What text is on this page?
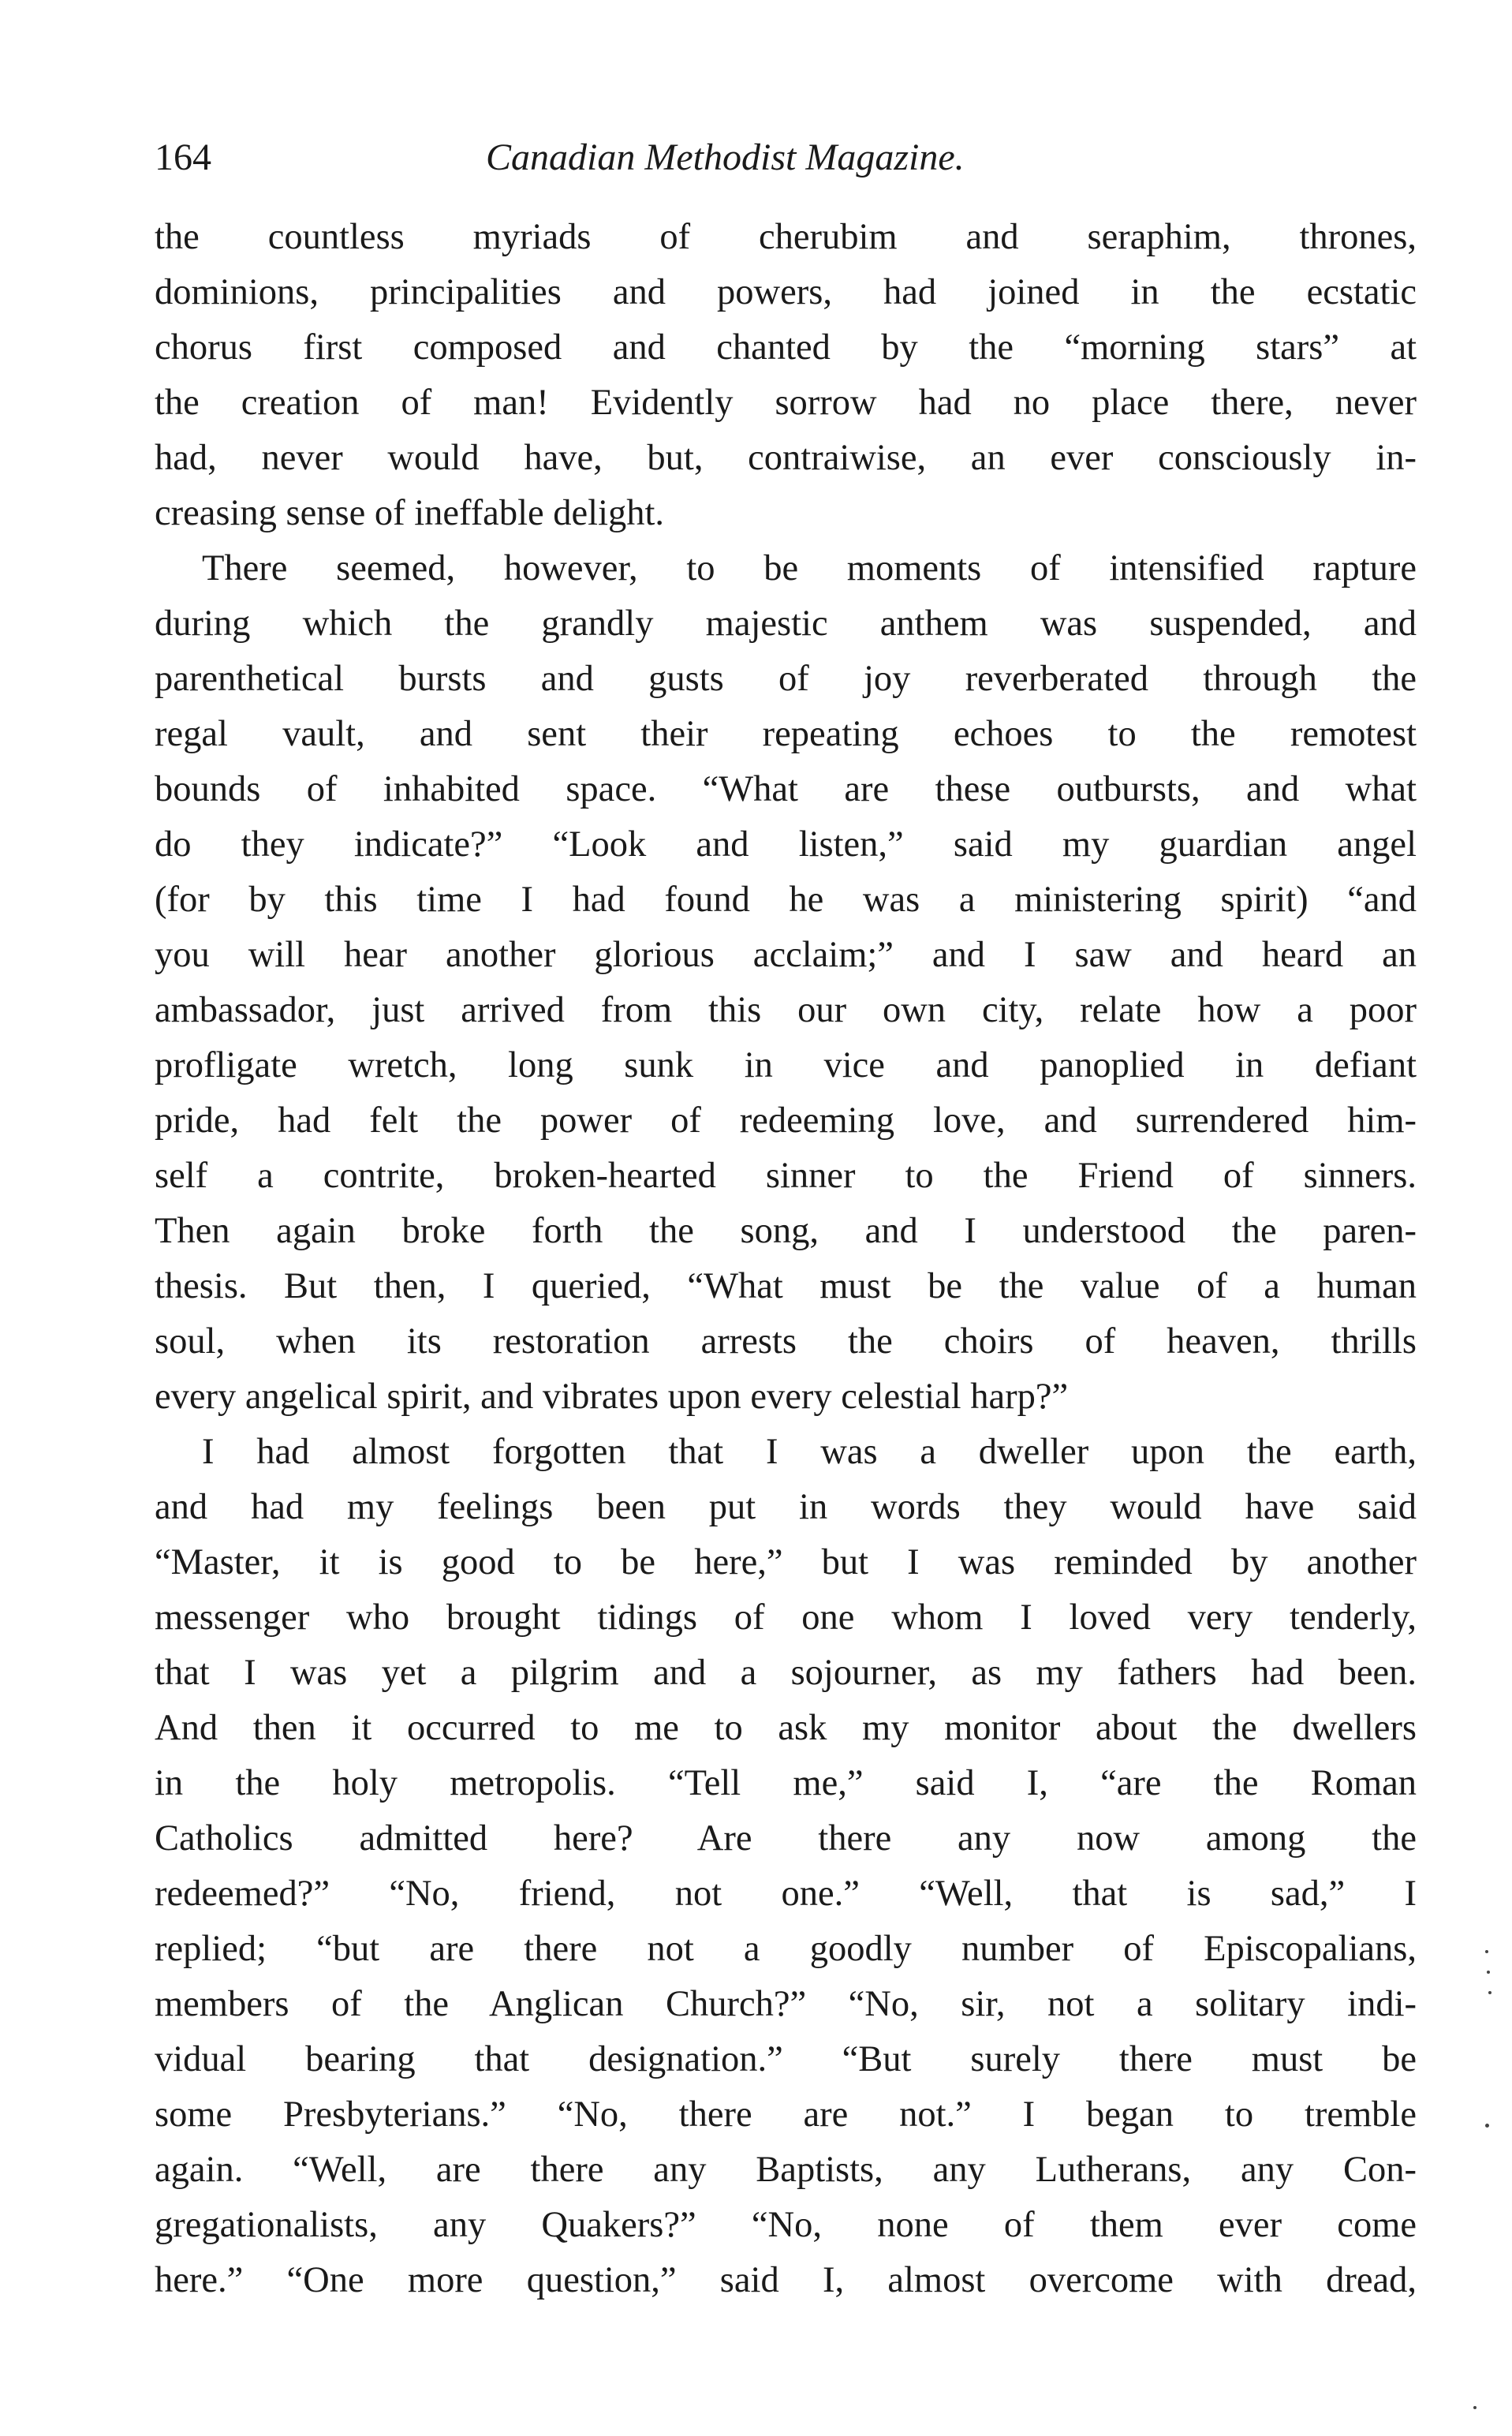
164	Canadian Methodist Magazine.
the countless myriads of cherubim and seraphim, thrones,
dominions, principalities and powers, had joined in the ecstatic
chorus first composed and chanted by the “morning stars” at
the creation of man! Evidently sorrow had no place there, never
had, never would have, but, contraiwise, an ever consciously in-
creasing sense of ineffable delight.
There seemed, however, to be moments of intensified rapture
during which the grandly majestic anthem was suspended, and
parenthetical bursts and gusts of joy reverberated through the
regal vault, and sent their repeating echoes to the remotest
bounds of inhabited space. “What are these outbursts, and what
do they indicate?” “Look and listen,” said my guardian angel
(for by this time I had found he was a ministering spirit) “and
you will hear another glorious acclaim;” and I saw and heard an
ambassador, just arrived from this our own city, relate how a poor
profligate wretch, long sunk in vice and panoplied in defiant
pride, had felt the power of redeeming love, and surrendered him-
self a contrite, broken-hearted sinner to the Friend of sinners.
Then again broke forth the song, and I understood the paren-
thesis. But then, I queried, “What must be the value of a human
soul, when its restoration arrests the choirs of heaven, thrills
every angelical spirit, and vibrates upon every celestial harp?”
I had almost forgotten that I was a dweller upon the earth,
and had my feelings been put in words they would have said
“Master, it is good to be here,” but I was reminded by another
messenger who brought tidings of one whom I loved very tenderly,
that I was yet a pilgrim and a sojourner, as my fathers had been.
And then it occurred to me to ask my monitor about the dwellers
in the holy metropolis. “Tell me,” said I, “are the Roman
Catholics admitted here? Are there any now among the
redeemed?” “No, friend, not one.” “Well, that is sad,” I
replied; “but are there not a goodly number of Episcopalians,
members of the Anglican Church?” “No, sir, not a solitary indi-
vidual bearing that designation.” “But surely there must be
some Presbyterians.” “No, there are not.” I began to tremble
again. “Well, are there any Baptists, any Lutherans, any Con-
gregationalists, any Quakers?” “No, none of them ever come
here.” “One more question,” said I, almost overcome with dread,
